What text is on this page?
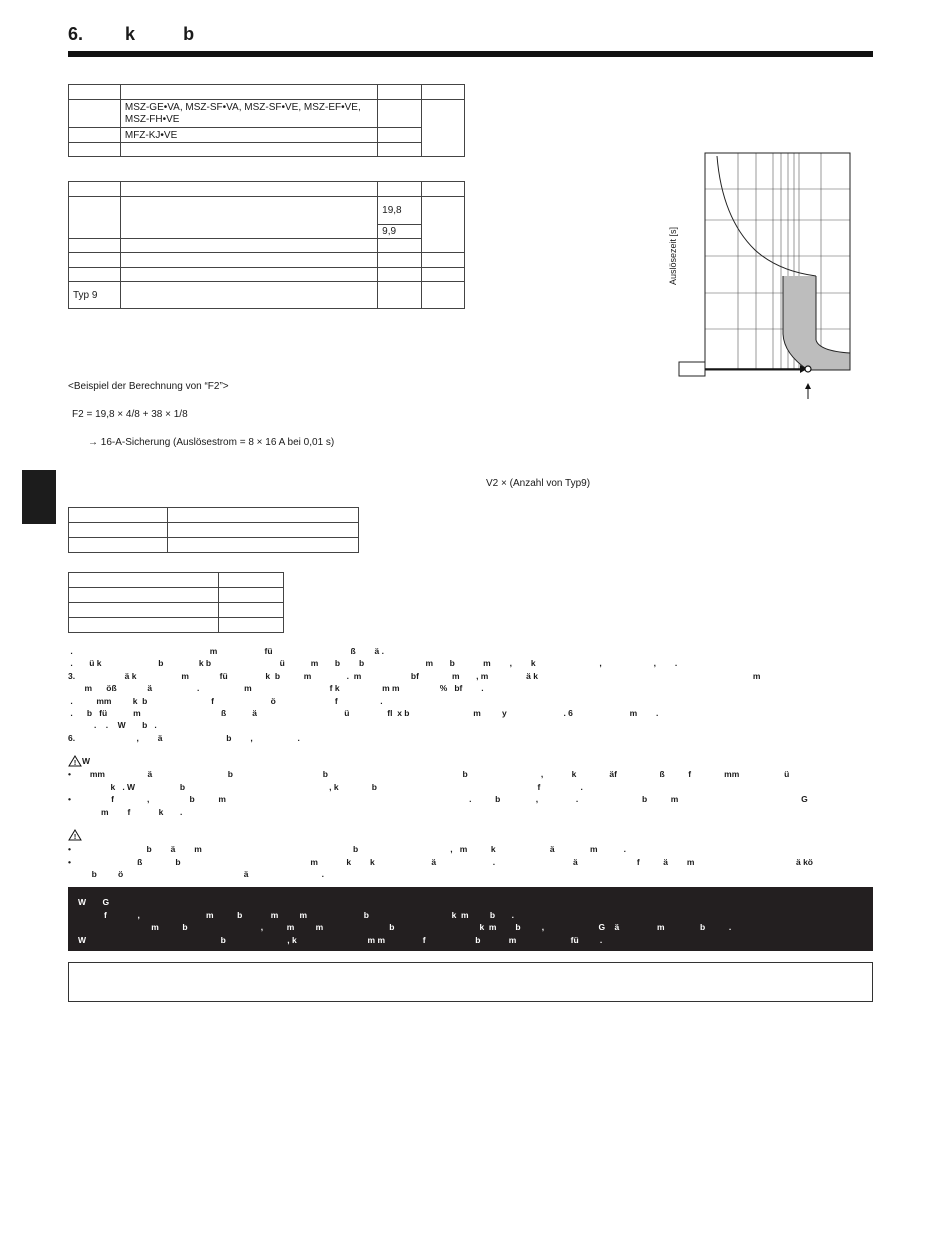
6. k	b

	MSZ-GE•VA, MSZ-SF•VA, MSZ-SF•VE, MSZ-EF•VE, MSZ-FH•VE		
	MFZ-KJ•VE		

		19,8	
		9,9	

Typ 9			
Auslösezeit [s]
<Beispiel der Berechnung von “F2”>
F2 = 19,8 × 4/8 + 38 × 1/8
→ 16-A-Sicherung (Auslösestrom = 8 × 16 A bei 0,01 s)
V2 × (Anzahl von Typ9)

.                                                          m                    fü                                 ß        ä .
.       ü k                        b               k b                             ü           m       b        b                          m       b            m        ,        k                           ,                      ,        .
3.                     ä k                   m             fü                k  b          m               .  m                     bf              m       , m                ä k                                                                                           m
m      öß             ä                   .                   m                                 f k                  m m                 %   bf        .
.          mm         k  b                           f                        ö                         f                  .
.      b   fü           m                                  ß           ä                                     ü                fl  x b                           m         y                        . 6                        m        .
.    .    W       b   .
6.                          ,        ä                           b        ,                   .
! W
•        mm                  ä                                b                                      b                                                         b                               ,            k              äf                  ß          f              mm                   ü
k   . W                   b                                                             , k              b                                                                    f                 .
•                 f              ,                 b          m                                                                                                       .          b               ,                .                           b          m                                                    G
m        f            k       .
!
•                                b        ä        m                                                                b                                       ,   m          k                       ä               m           .
•                            ß              b                                                       m            k        k                        ä                        .                                 ä                         f          ä        m                                           ä kö
b         ö                                                   ä                               .
W       G
f             ,                            m          b            m         m                        b                                   k  m         b       .
m          b                               ,          m         m                            b                                    k  m        b         ,                       G    ä                m               b          .
W                                                         b                          , k                              m m                f                     b            m                       fü         .
